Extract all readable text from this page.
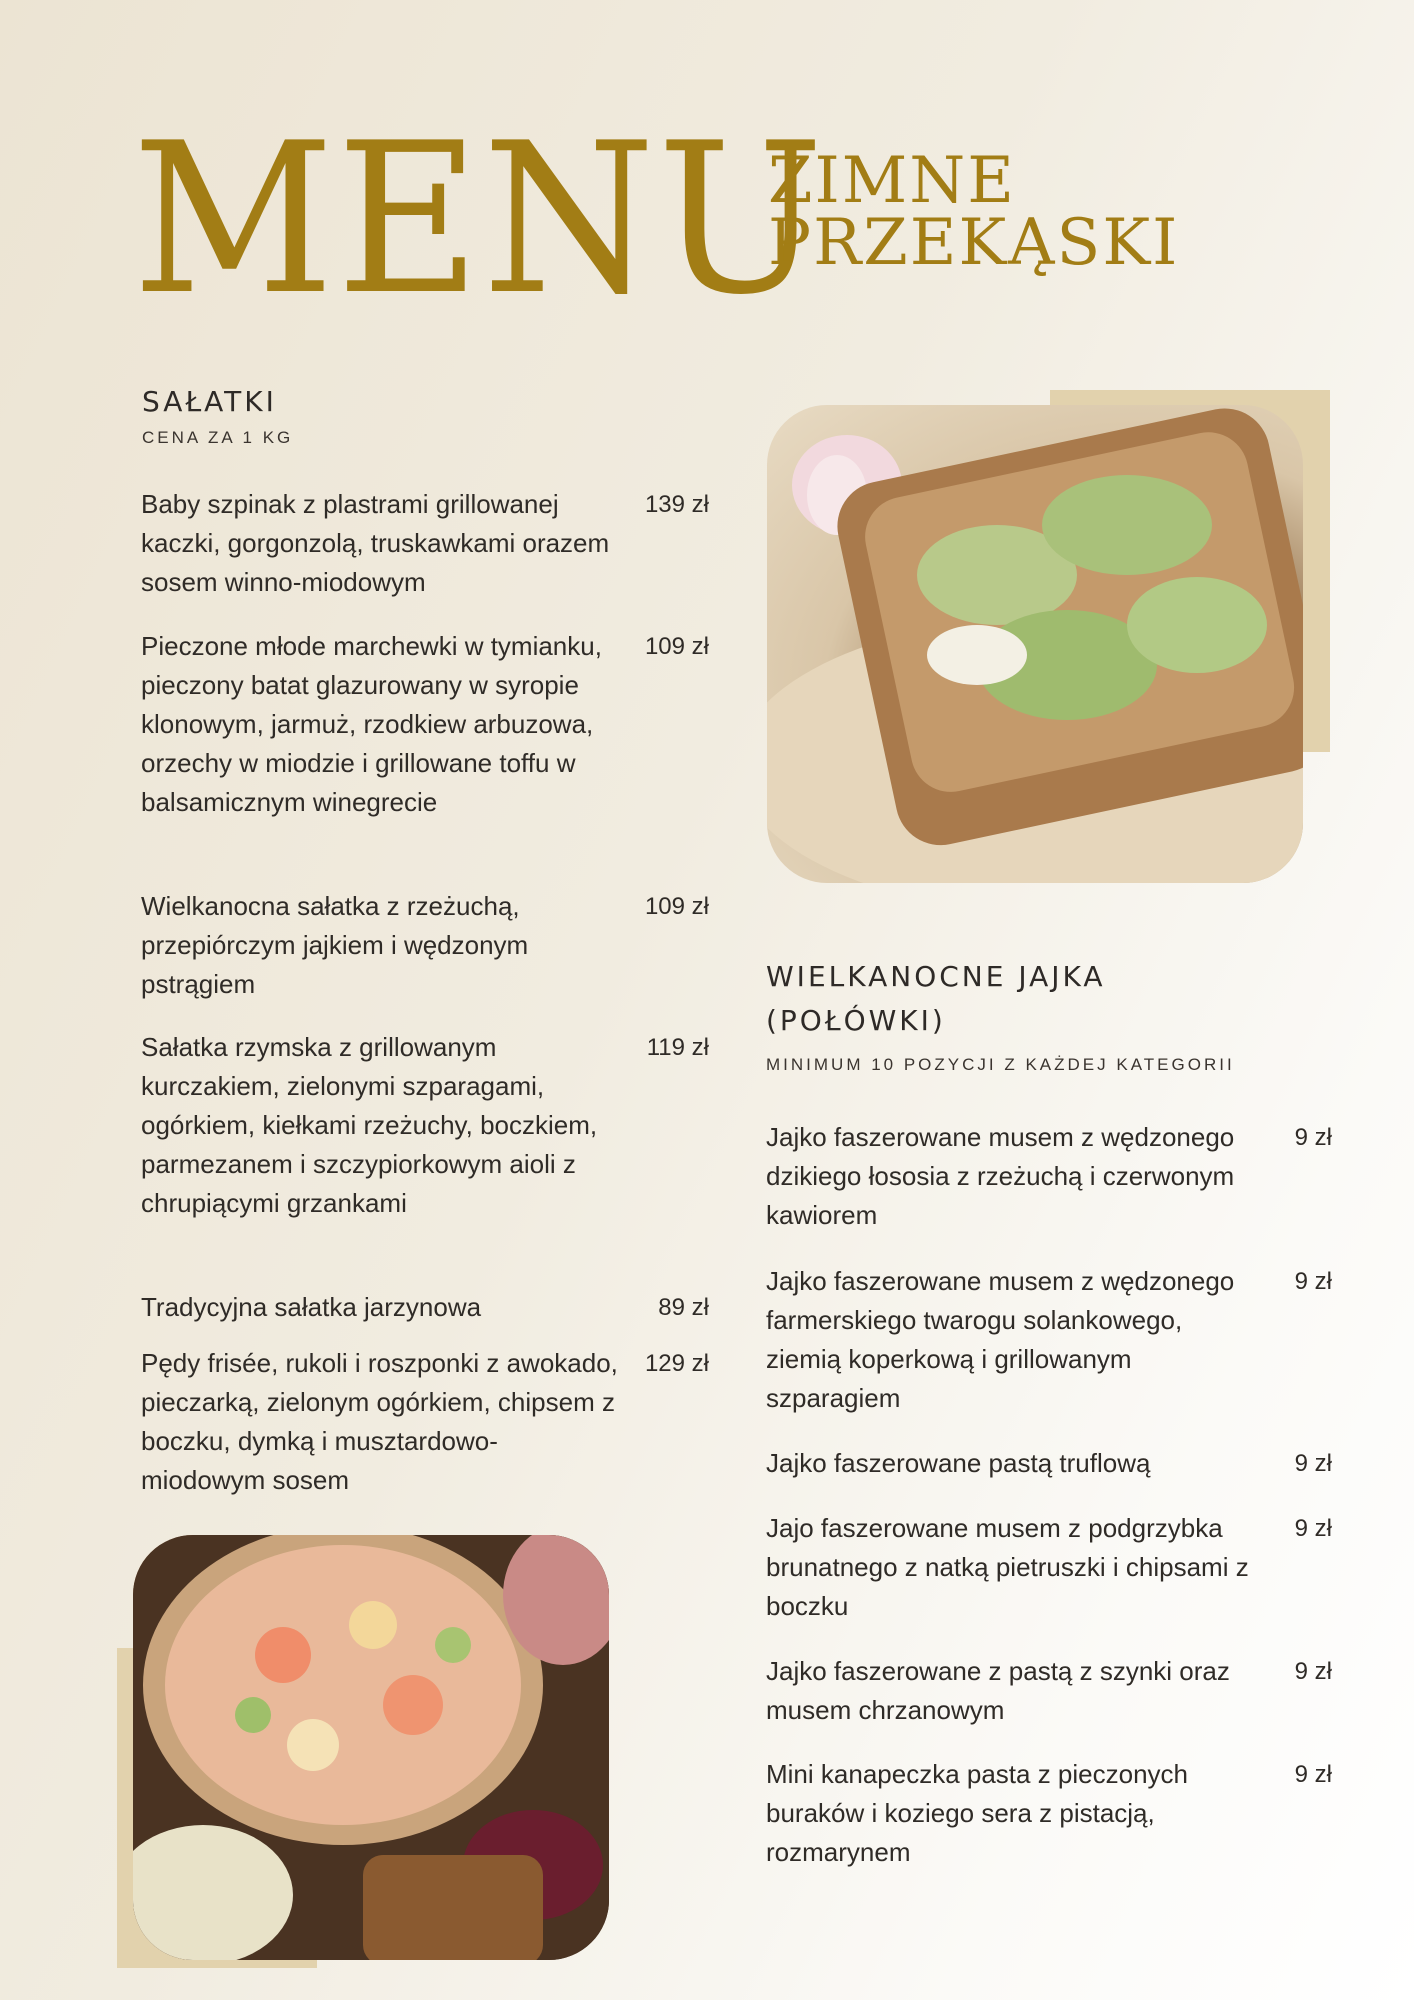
MENU
ZIMNE
PRZEKĄSKI
SAŁATKI
CENA ZA 1 KG
Baby szpinak z plastrami grillowanej kaczki, gorgonzolą, truskawkami orazem sosem winno-miodowym
139 zł
Pieczone młode marchewki w tymianku, pieczony batat glazurowany w syropie klonowym, jarmuż, rzodkiew arbuzowa, orzechy w miodzie i grillowane toffu w balsamicznym winegrecie
109 zł
Wielkanocna sałatka z rzeżuchą, przepiórczym jajkiem i wędzonym pstrągiem
109 zł
Sałatka rzymska z grillowanym kurczakiem, zielonymi szparagami, ogórkiem, kiełkami rzeżuchy, boczkiem, parmezanem i szczypiorkowym aioli z chrupiącymi grzankami
119 zł
Tradycyjna sałatka jarzynowa	89 zł
Pędy frisée, rukoli i roszponki z awokado, pieczarką, zielonym ogórkiem, chipsem z boczku, dymką i musztardowo-miodowym sosem
129 zł
WIELKANOCNE JAJKA
(POŁÓWKI)
MINIMUM 10 POZYCJI Z KAŻDEJ KATEGORII
Jajko faszerowane musem z wędzonego dzikiego łososia z rzeżuchą i czerwonym kawiorem
9 zł
Jajko faszerowane musem z wędzonego farmerskiego twarogu solankowego, ziemią koperkową i grillowanym szparagiem
9 zł
Jajko faszerowane pastą truflową	9 zł
Jajo faszerowane musem z podgrzybka brunatnego z natką pietruszki i chipsami z boczku
9 zł
Jajko faszerowane z pastą z szynki oraz musem chrzanowym
9 zł
Mini kanapeczka pasta z pieczonych buraków i koziego sera z pistacją, rozmarynem
9 zł
